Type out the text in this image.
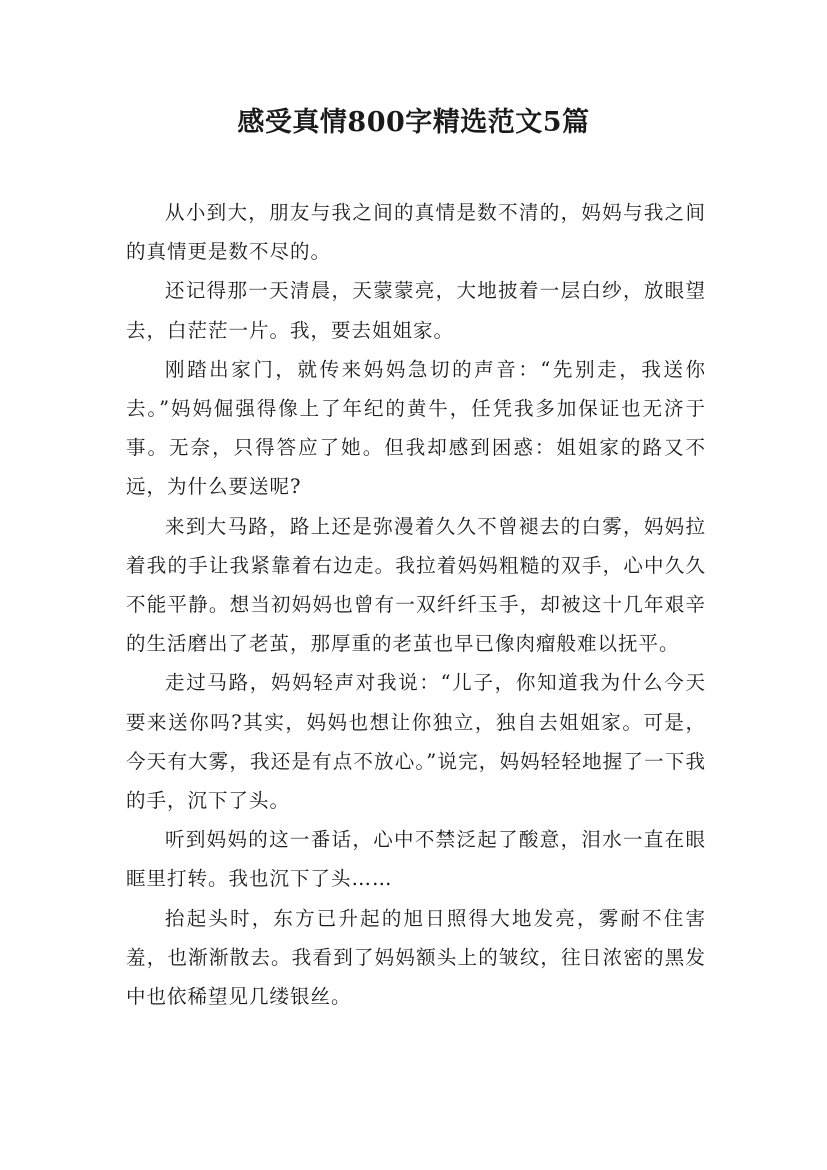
感受真情800字精选范文5篇

从小到大，朋友与我之间的真情是数不清的，妈妈与我之间的真情更是数不尽的。

还记得那一天清晨，天蒙蒙亮，大地披着一层白纱，放眼望去，白茫茫一片。我，要去姐姐家。

刚踏出家门，就传来妈妈急切的声音：“先别走，我送你去。”妈妈倔强得像上了年纪的黄牛，任凭我多加保证也无济于事。无奈，只得答应了她。但我却感到困惑：姐姐家的路又不远，为什么要送呢?

来到大马路，路上还是弥漫着久久不曾褪去的白雾，妈妈拉着我的手让我紧靠着右边走。我拉着妈妈粗糙的双手，心中久久不能平静。想当初妈妈也曾有一双纤纤玉手，却被这十几年艰辛的生活磨出了老茧，那厚重的老茧也早已像肉瘤般难以抚平。

走过马路，妈妈轻声对我说：“儿子，你知道我为什么今天要来送你吗?其实，妈妈也想让你独立，独自去姐姐家。可是，今天有大雾，我还是有点不放心。”说完，妈妈轻轻地握了一下我的手，沉下了头。

听到妈妈的这一番话，心中不禁泛起了酸意，泪水一直在眼眶里打转。我也沉下了头……

抬起头时，东方已升起的旭日照得大地发亮，雾耐不住害羞，也渐渐散去。我看到了妈妈额头上的皱纹，往日浓密的黑发中也依稀望见几缕银丝。
